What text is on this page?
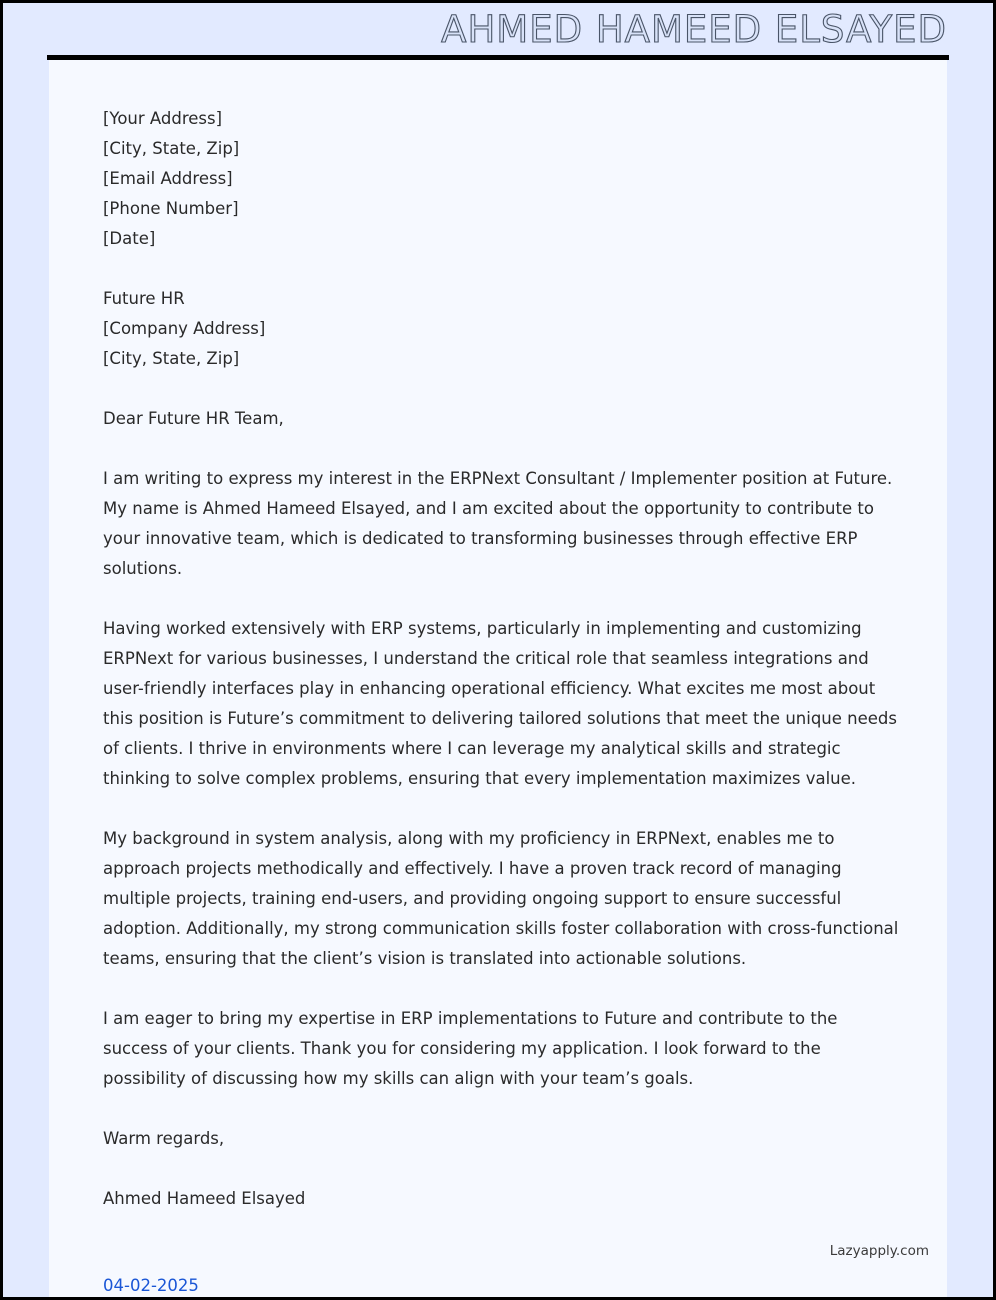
AHMED HAMEED ELSAYED
[Your Address]
[City, State, Zip]
[Email Address]
[Phone Number]
[Date]
Future HR
[Company Address]
[City, State, Zip]
Dear Future HR Team,
I am writing to express my interest in the ERPNext Consultant / Implementer position at Future. My name is Ahmed Hameed Elsayed, and I am excited about the opportunity to contribute to your innovative team, which is dedicated to transforming businesses through effective ERP solutions.
Having worked extensively with ERP systems, particularly in implementing and customizing ERPNext for various businesses, I understand the critical role that seamless integrations and user-friendly interfaces play in enhancing operational efficiency. What excites me most about this position is Future’s commitment to delivering tailored solutions that meet the unique needs of clients. I thrive in environments where I can leverage my analytical skills and strategic thinking to solve complex problems, ensuring that every implementation maximizes value.
My background in system analysis, along with my proficiency in ERPNext, enables me to approach projects methodically and effectively. I have a proven track record of managing multiple projects, training end-users, and providing ongoing support to ensure successful adoption. Additionally, my strong communication skills foster collaboration with cross-functional teams, ensuring that the client’s vision is translated into actionable solutions.
I am eager to bring my expertise in ERP implementations to Future and contribute to the success of your clients. Thank you for considering my application. I look forward to the possibility of discussing how my skills can align with your team’s goals.
Warm regards,
Ahmed Hameed Elsayed
Lazyapply.com
04-02-2025
